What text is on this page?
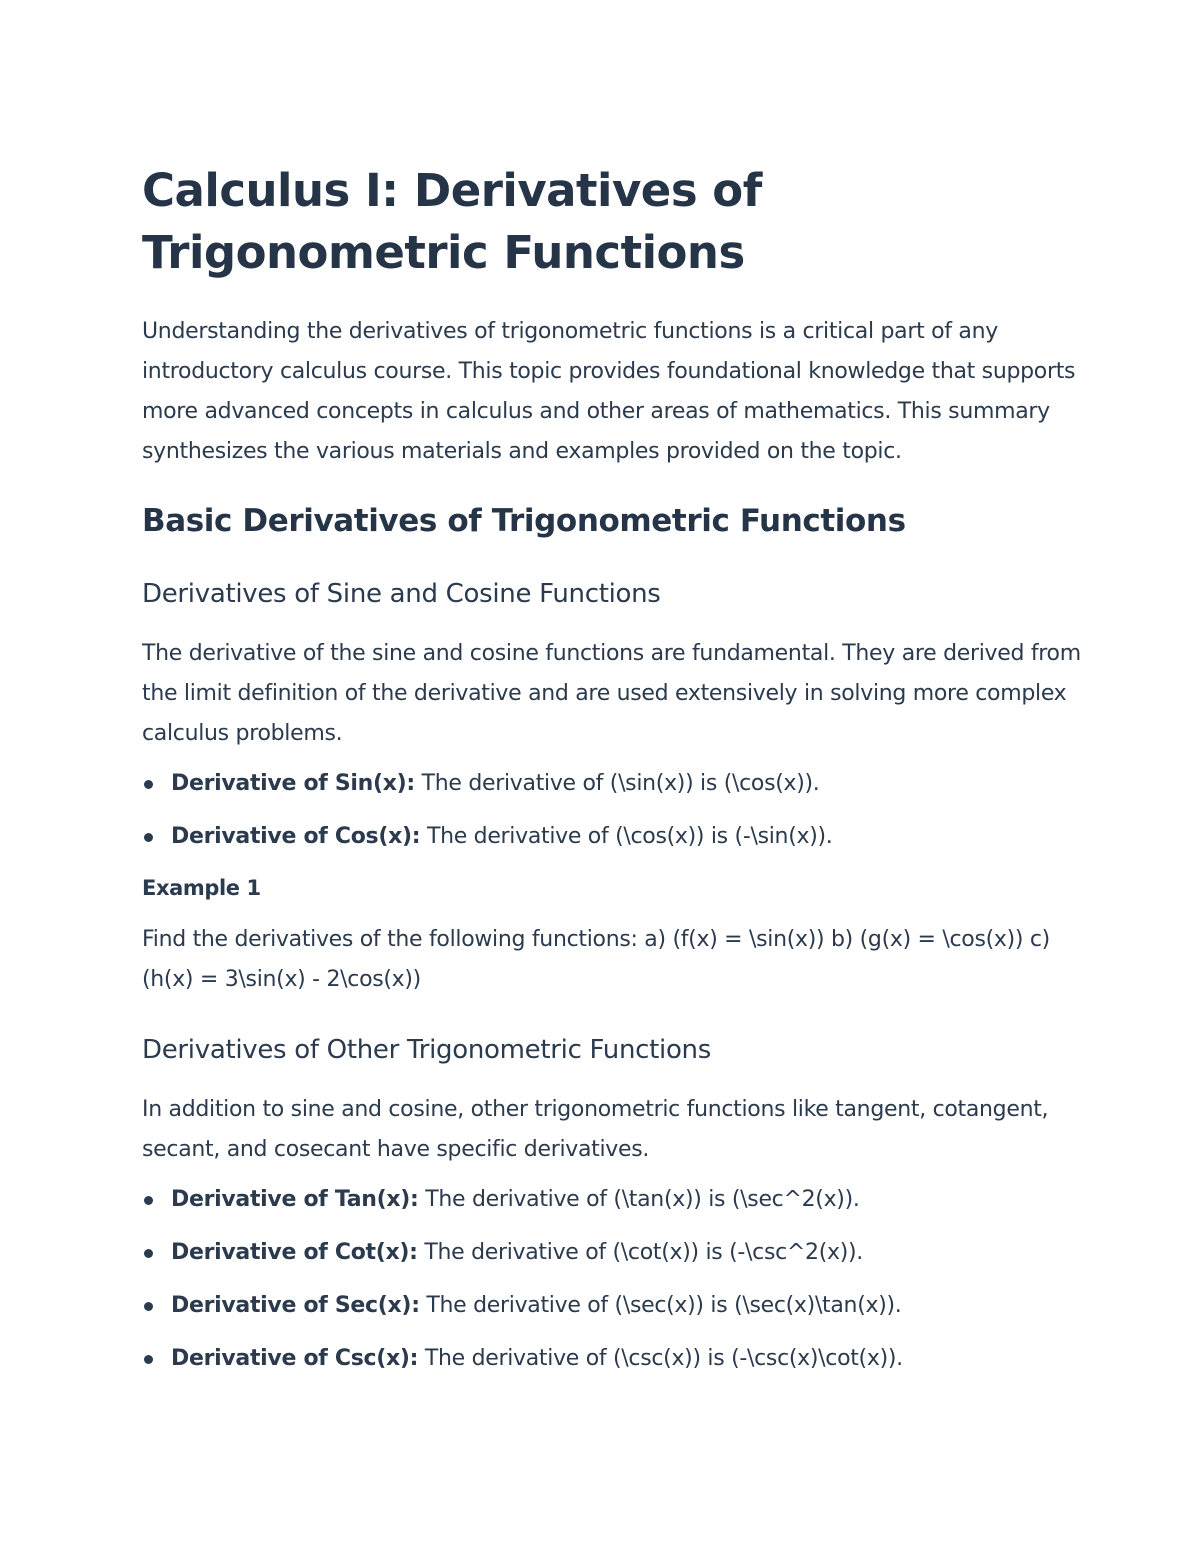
Calculus I: Derivatives of Trigonometric Functions

Understanding the derivatives of trigonometric functions is a critical part of any introductory calculus course. This topic provides foundational knowledge that supports more advanced concepts in calculus and other areas of mathematics. This summary synthesizes the various materials and examples provided on the topic.

Basic Derivatives of Trigonometric Functions
Derivatives of Sine and Cosine Functions

The derivative of the sine and cosine functions are fundamental. They are derived from the limit definition of the derivative and are used extensively in solving more complex calculus problems.

Derivative of Sin(x): The derivative of (\sin(x)) is (\cos(x)).
Derivative of Cos(x): The derivative of (\cos(x)) is (-\sin(x)).
Example 1

Find the derivatives of the following functions: a) (f(x) = \sin(x)) b) (g(x) = \cos(x)) c) (h(x) = 3\sin(x) - 2\cos(x))

Derivatives of Other Trigonometric Functions

In addition to sine and cosine, other trigonometric functions like tangent, cotangent, secant, and cosecant have specific derivatives.

Derivative of Tan(x): The derivative of (\tan(x)) is (\sec^2(x)).
Derivative of Cot(x): The derivative of (\cot(x)) is (-\csc^2(x)).
Derivative of Sec(x): The derivative of (\sec(x)) is (\sec(x)\tan(x)).
Derivative of Csc(x): The derivative of (\csc(x)) is (-\csc(x)\cot(x)).
